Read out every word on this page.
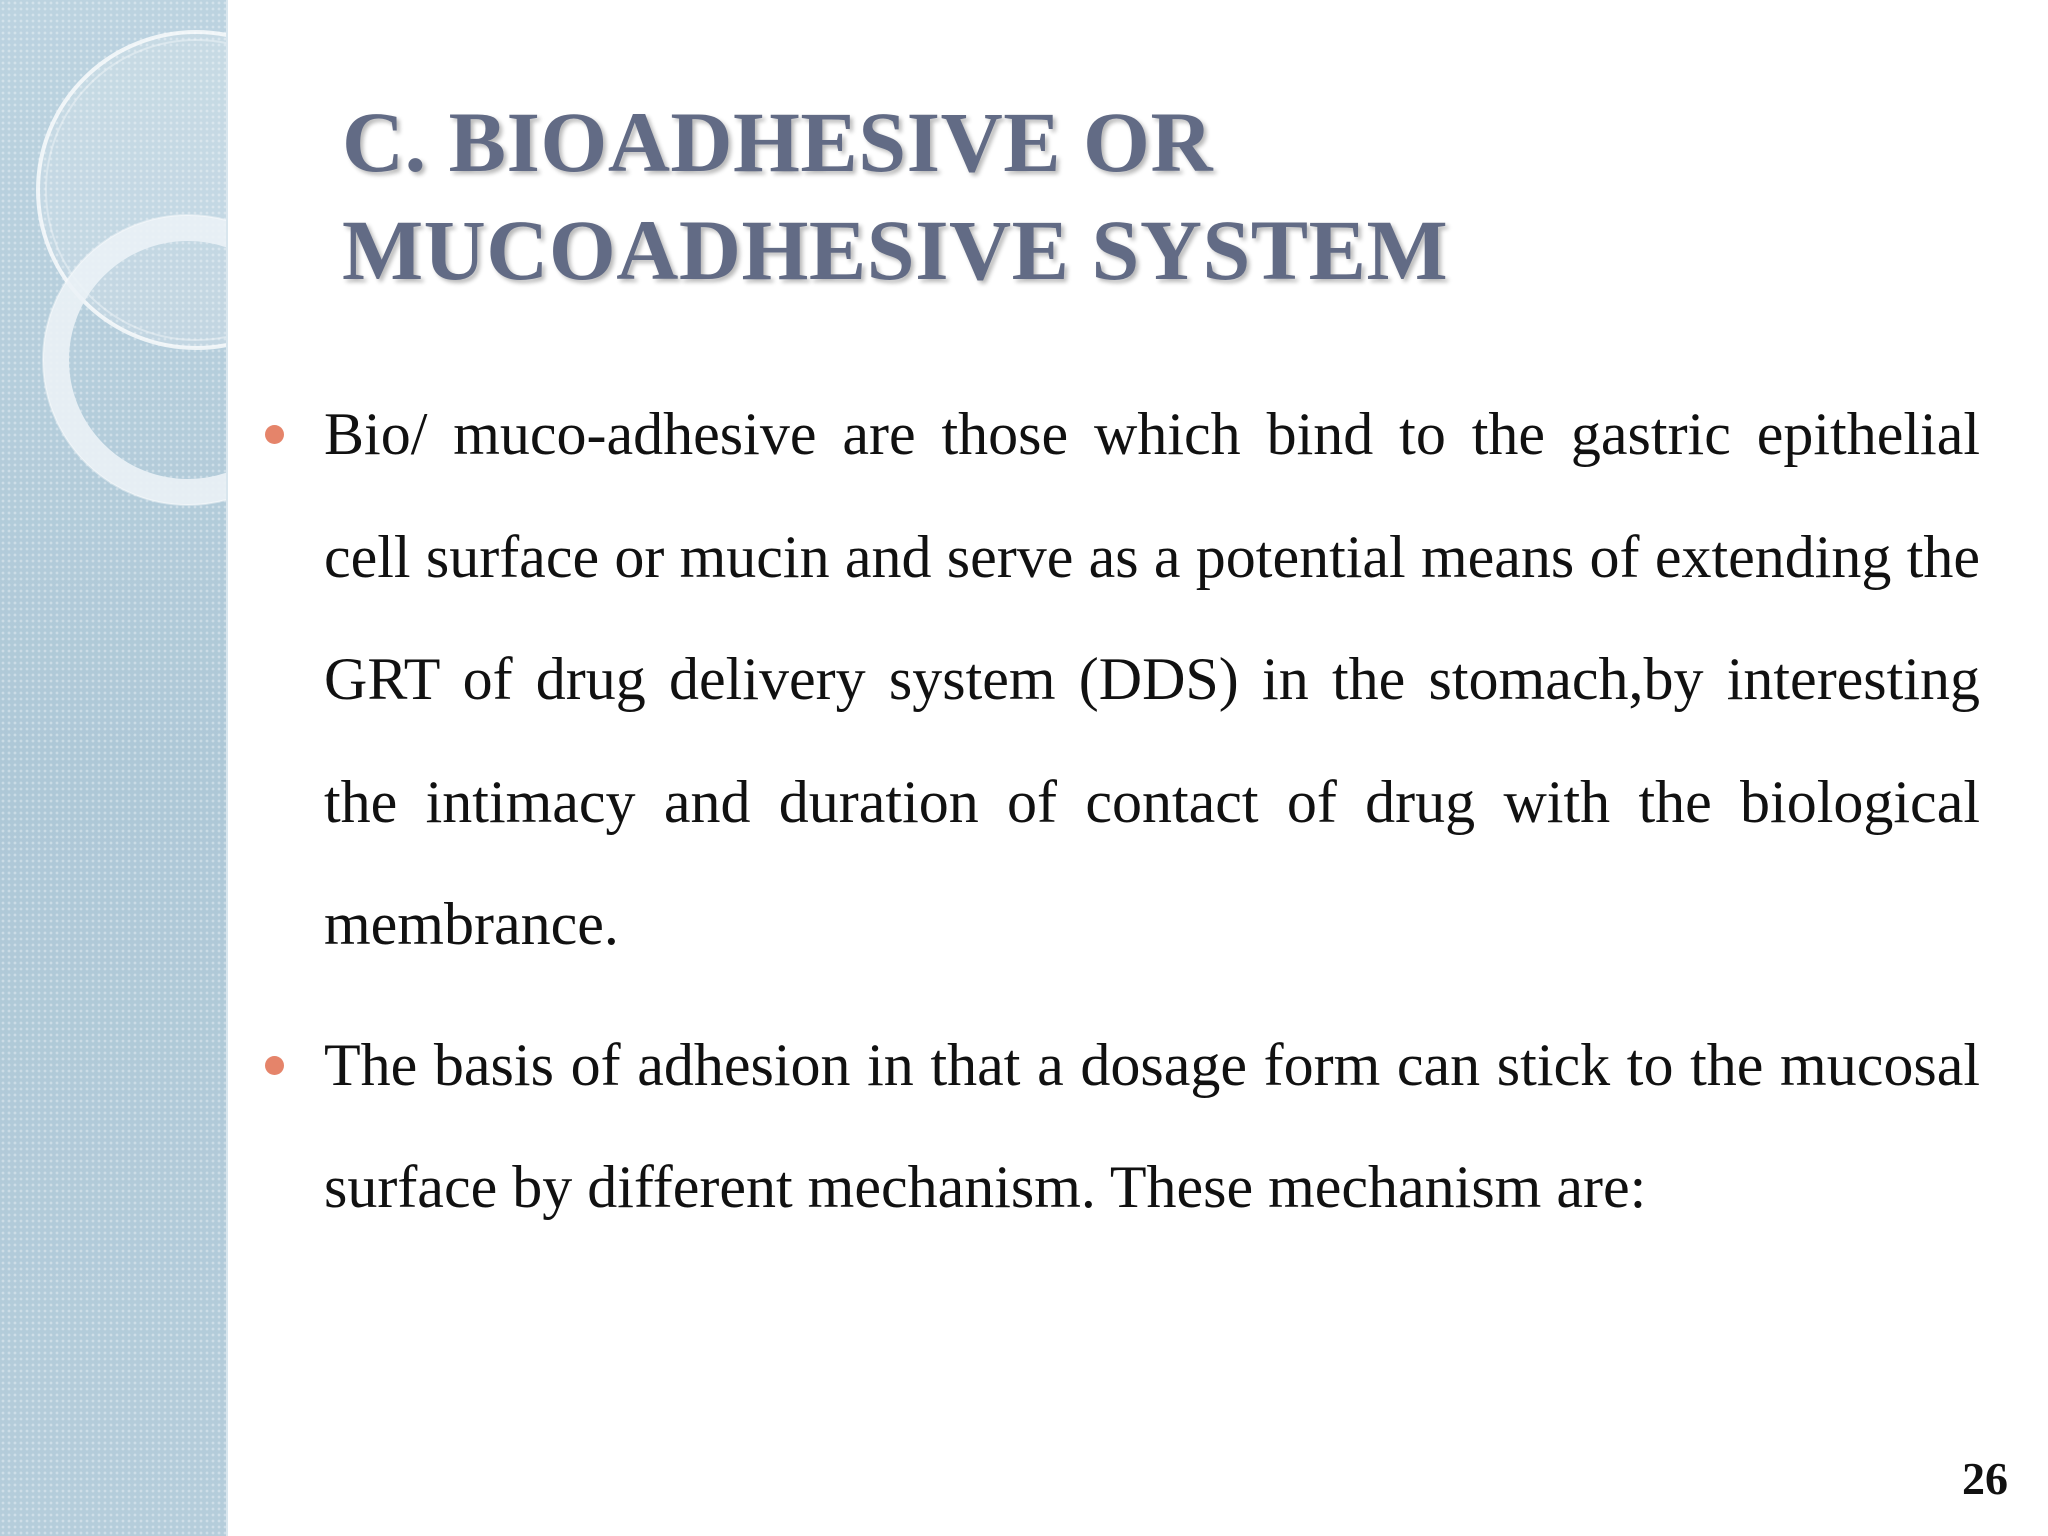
C. BIOADHESIVE OR
MUCOADHESIVE SYSTEM

Bio/ muco-adhesive are those which bind to the gastric epithelial cell surface or mucin and serve as a potential means of extending the GRT of drug delivery system (DDS) in the stomach,by interesting the intimacy and duration of contact of drug with the biological membrance.

The basis of adhesion in that a dosage form can stick to the mucosal surface by different mechanism. These mechanism are:

26
